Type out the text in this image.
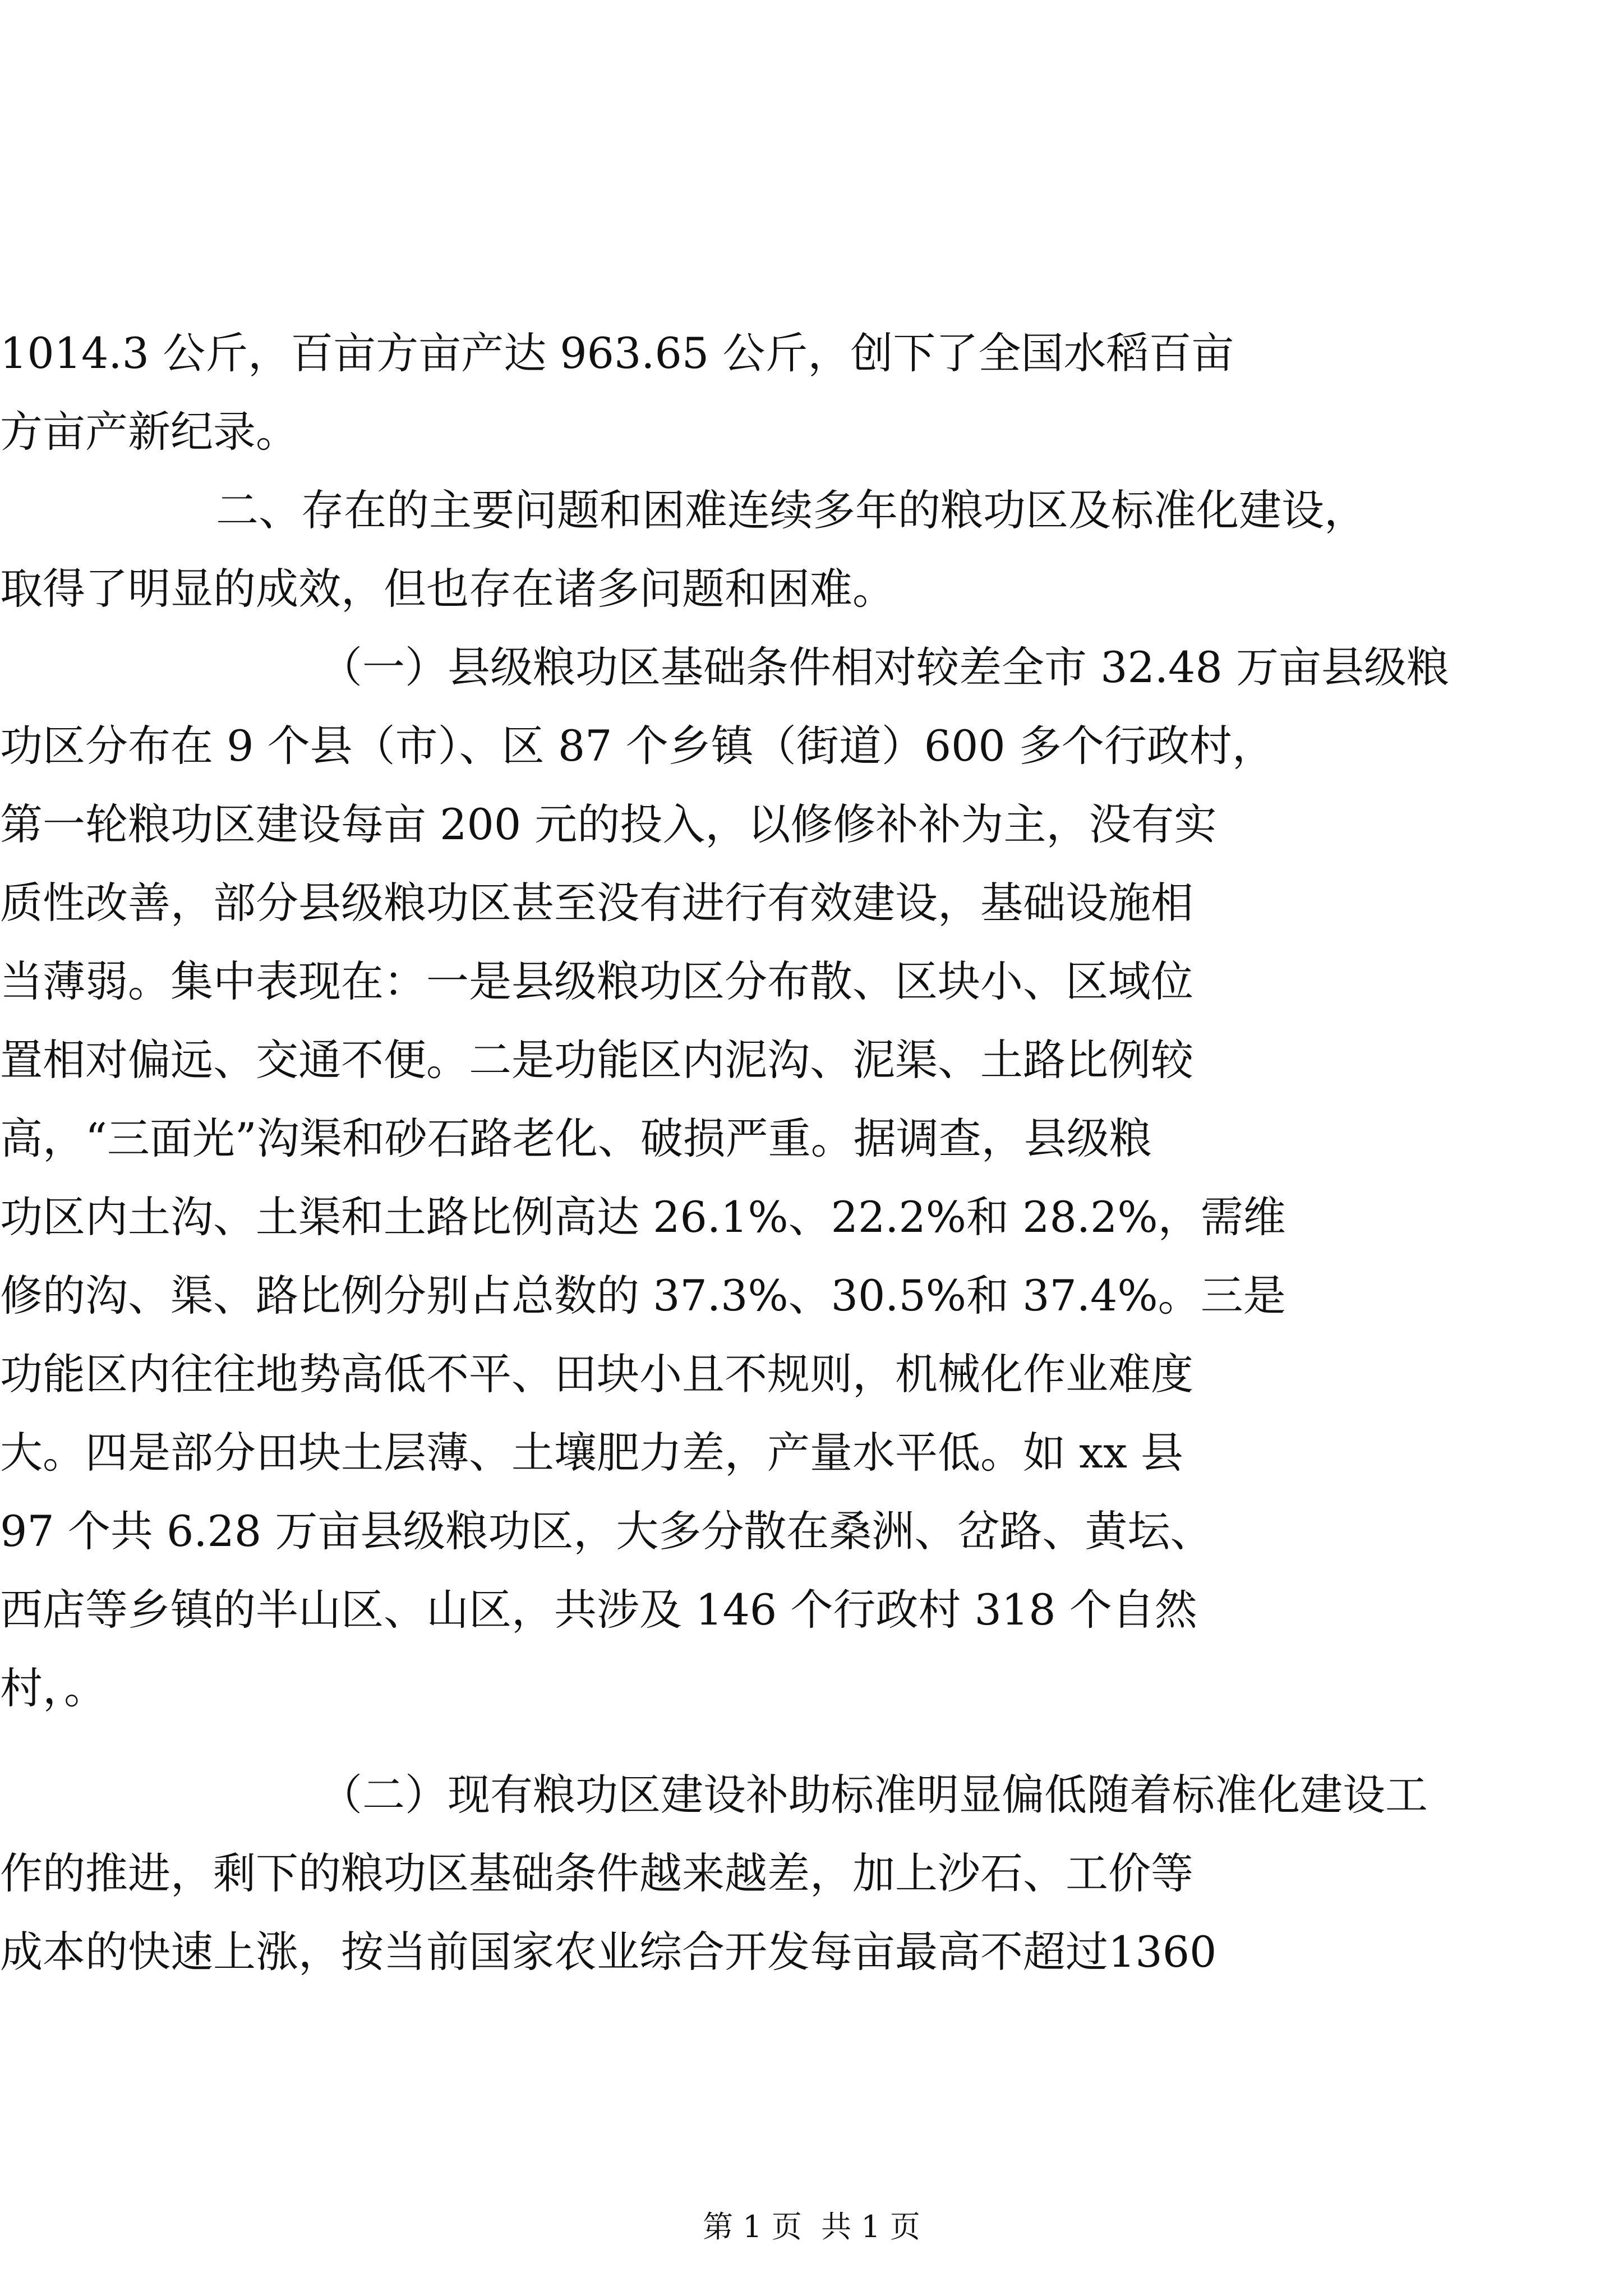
1014.3 公斤，百亩方亩产达 963.65 公斤，创下了全国水稻百亩
方亩产新纪录。
二、存在的主要问题和困难连续多年的粮功区及标准化建设，
取得了明显的成效，但也存在诸多问题和困难。
（一）县级粮功区基础条件相对较差全市 32.48 万亩县级粮
功区分布在 9 个县（市）、区 87 个乡镇（街道）600 多个行政村，
第一轮粮功区建设每亩 200 元的投入，以修修补补为主，没有实
质性改善，部分县级粮功区甚至没有进行有效建设，基础设施相
当薄弱。集中表现在：一是县级粮功区分布散、区块小、区域位
置相对偏远、交通不便。二是功能区内泥沟、泥渠、土路比例较
高，“三面光”沟渠和砂石路老化、破损严重。据调查，县级粮
功区内土沟、土渠和土路比例高达 26.1%、22.2%和 28.2%，需维
修的沟、渠、路比例分别占总数的 37.3%、30.5%和 37.4%。三是
功能区内往往地势高低不平、田块小且不规则，机械化作业难度
大。四是部分田块土层薄、土壤肥力差，产量水平低。如 xx 县
97 个共 6.28 万亩县级粮功区，大多分散在桑洲、岔路、黄坛、
西店等乡镇的半山区、山区，共涉及 146 个行政村 318 个自然
村，。
（二）现有粮功区建设补助标准明显偏低随着标准化建设工
作的推进，剩下的粮功区基础条件越来越差，加上沙石、工价等
成本的快速上涨，按当前国家农业综合开发每亩最高不超过1360
第 1 页  共 1 页
